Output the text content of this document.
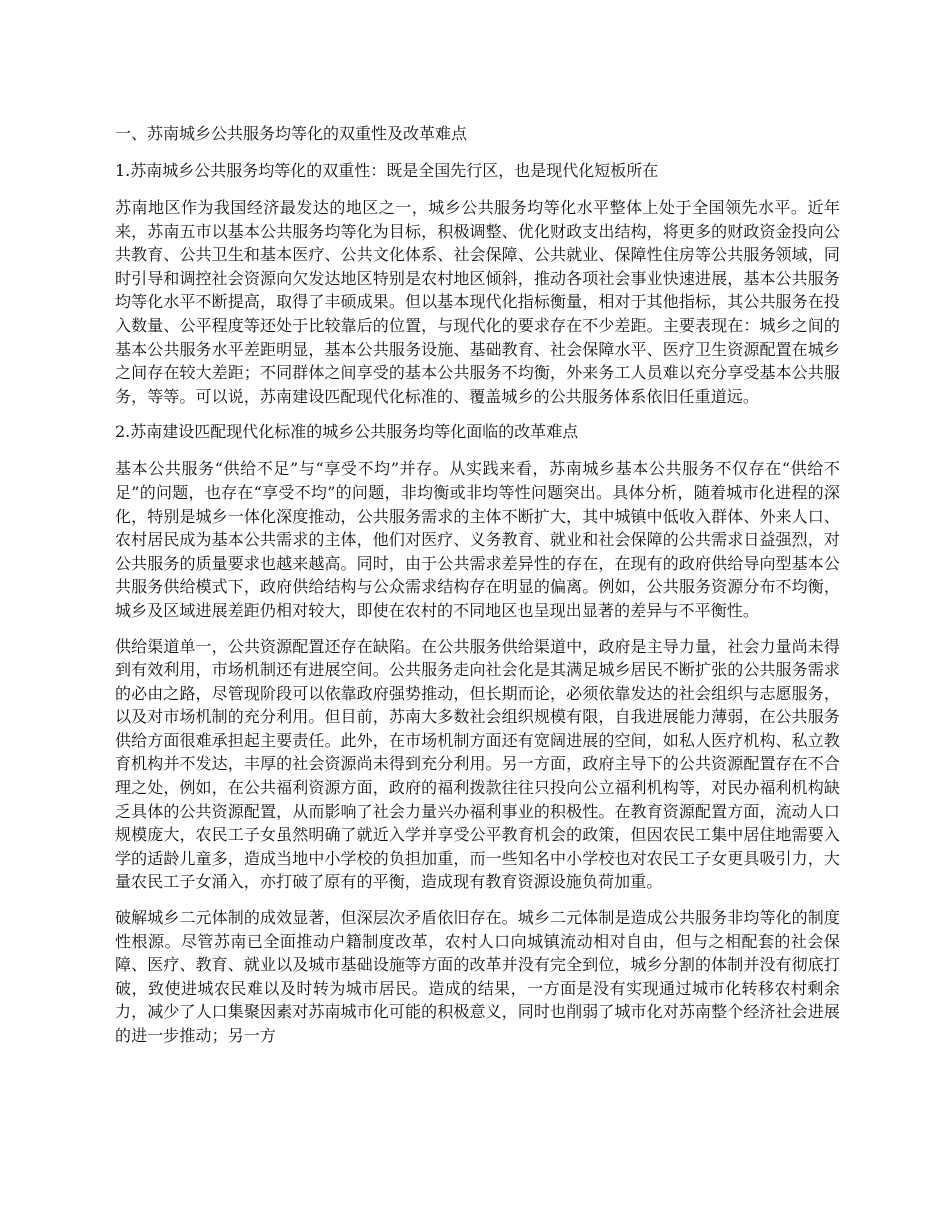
一、苏南城乡公共服务均等化的双重性及改革难点
1.苏南城乡公共服务均等化的双重性：既是全国先行区，也是现代化短板所在
苏南地区作为我国经济最发达的地区之一，城乡公共服务均等化水平整体上处于全国领先水平。近年来，苏南五市以基本公共服务均等化为目标，积极调整、优化财政支出结构，将更多的财政资金投向公共教育、公共卫生和基本医疗、公共文化体系、社会保障、公共就业、保障性住房等公共服务领域，同时引导和调控社会资源向欠发达地区特别是农村地区倾斜，推动各项社会事业快速进展，基本公共服务均等化水平不断提高，取得了丰硕成果。但以基本现代化指标衡量，相对于其他指标，其公共服务在投入数量、公平程度等还处于比较靠后的位置，与现代化的要求存在不少差距。主要表现在：城乡之间的基本公共服务水平差距明显，基本公共服务设施、基础教育、社会保障水平、医疗卫生资源配置在城乡之间存在较大差距；不同群体之间享受的基本公共服务不均衡，外来务工人员难以充分享受基本公共服务，等等。可以说，苏南建设匹配现代化标准的、覆盖城乡的公共服务体系依旧任重道远。
2.苏南建设匹配现代化标准的城乡公共服务均等化面临的改革难点
基本公共服务“供给不足”与“享受不均”并存。从实践来看，苏南城乡基本公共服务不仅存在“供给不足”的问题，也存在“享受不均”的问题，非均衡或非均等性问题突出。具体分析，随着城市化进程的深化，特别是城乡一体化深度推动，公共服务需求的主体不断扩大，其中城镇中低收入群体、外来人口、农村居民成为基本公共需求的主体，他们对医疗、义务教育、就业和社会保障的公共需求日益强烈，对公共服务的质量要求也越来越高。同时，由于公共需求差异性的存在，在现有的政府供给导向型基本公共服务供给模式下，政府供给结构与公众需求结构存在明显的偏离。例如，公共服务资源分布不均衡，城乡及区域进展差距仍相对较大，即使在农村的不同地区也呈现出显著的差异与不平衡性。
供给渠道单一，公共资源配置还存在缺陷。在公共服务供给渠道中，政府是主导力量，社会力量尚未得到有效利用，市场机制还有进展空间。公共服务走向社会化是其满足城乡居民不断扩张的公共服务需求的必由之路，尽管现阶段可以依靠政府强势推动，但长期而论，必须依靠发达的社会组织与志愿服务，以及对市场机制的充分利用。但目前，苏南大多数社会组织规模有限，自我进展能力薄弱，在公共服务供给方面很难承担起主要责任。此外，在市场机制方面还有宽阔进展的空间，如私人医疗机构、私立教育机构并不发达，丰厚的社会资源尚未得到充分利用。另一方面，政府主导下的公共资源配置存在不合理之处，例如，在公共福利资源方面，政府的福利拨款往往只投向公立福利机构等，对民办福利机构缺乏具体的公共资源配置，从而影响了社会力量兴办福利事业的积极性。在教育资源配置方面，流动人口规模庞大，农民工子女虽然明确了就近入学并享受公平教育机会的政策，但因农民工集中居住地需要入学的适龄儿童多，造成当地中小学校的负担加重，而一些知名中小学校也对农民工子女更具吸引力，大量农民工子女涌入，亦打破了原有的平衡，造成现有教育资源设施负荷加重。
破解城乡二元体制的成效显著，但深层次矛盾依旧存在。城乡二元体制是造成公共服务非均等化的制度性根源。尽管苏南已全面推动户籍制度改革，农村人口向城镇流动相对自由，但与之相配套的社会保障、医疗、教育、就业以及城市基础设施等方面的改革并没有完全到位，城乡分割的体制并没有彻底打破，致使进城农民难以及时转为城市居民。造成的结果，一方面是没有实现通过城市化转移农村剩余力，减少了人口集聚因素对苏南城市化可能的积极意义，同时也削弱了城市化对苏南整个经济社会进展的进一步推动；另一方
